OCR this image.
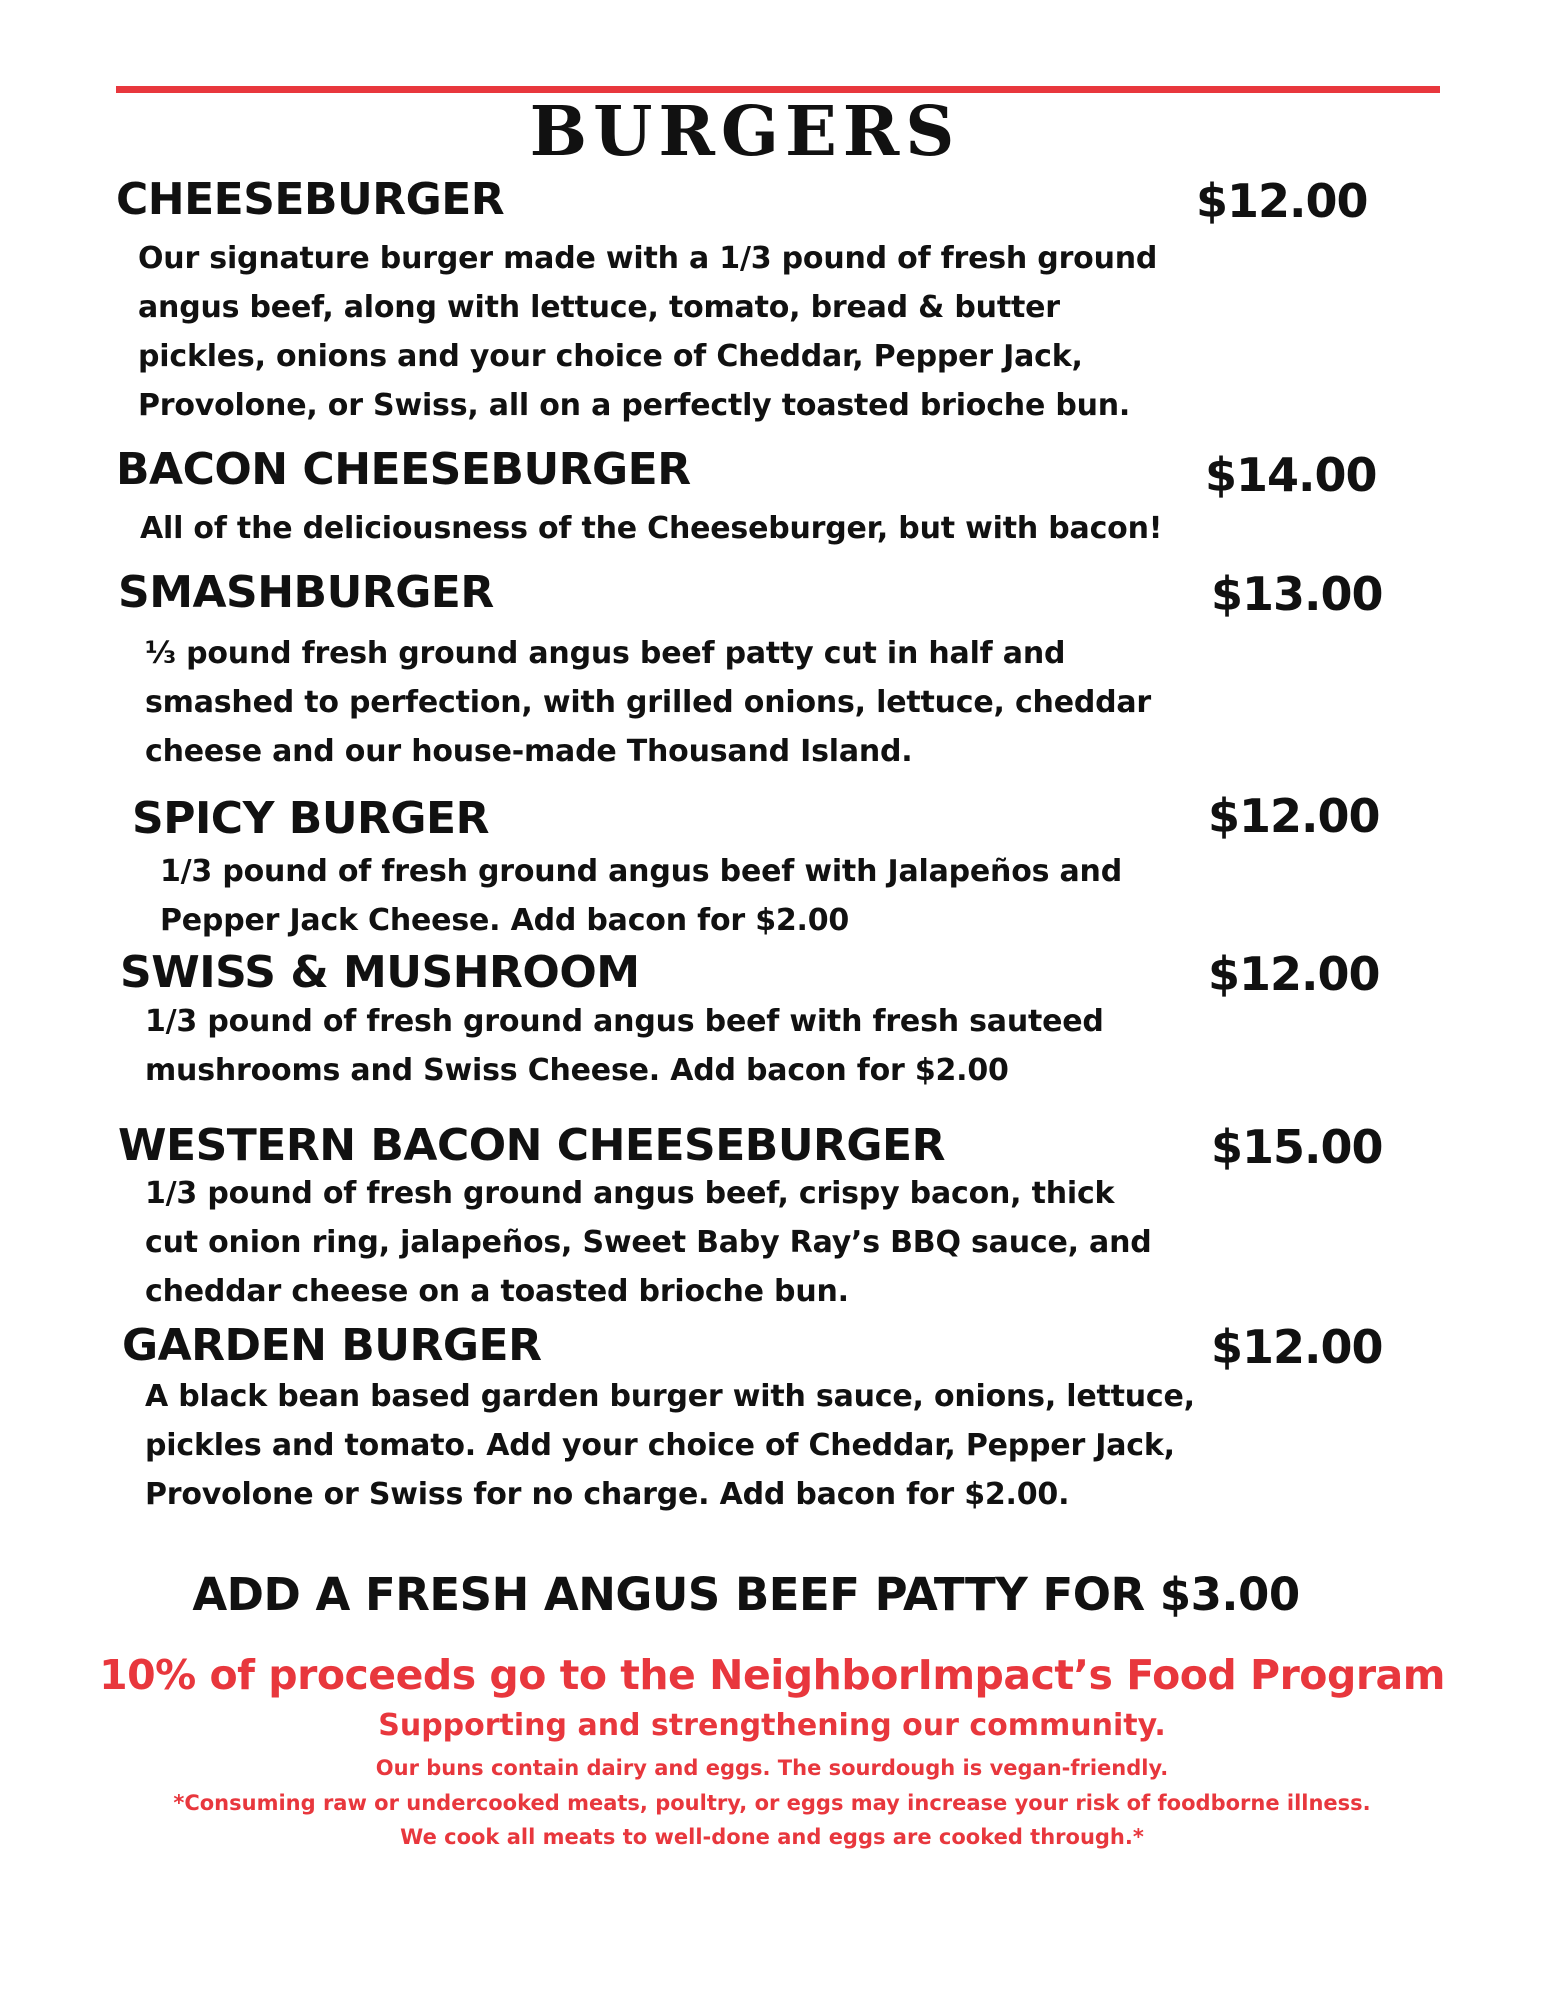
BURGERS
CHEESEBURGER	$12.00
Our signature burger made with a 1/3 pound of fresh ground angus beef, along with lettuce, tomato, bread & butter pickles, onions and your choice of Cheddar, Pepper Jack, Provolone, or Swiss, all on a perfectly toasted brioche bun.
BACON CHEESEBURGER	$14.00
All of the deliciousness of the Cheeseburger, but with bacon!
SMASHBURGER	$13.00
⅓ pound fresh ground angus beef patty cut in half and smashed to perfection, with grilled onions, lettuce, cheddar cheese and our house-made Thousand Island.
SPICY BURGER	$12.00
1/3 pound of fresh ground angus beef with Jalapeños and Pepper Jack Cheese. Add bacon for $2.00
SWISS & MUSHROOM	$12.00
1/3 pound of fresh ground angus beef with fresh sauteed mushrooms and Swiss Cheese. Add bacon for $2.00
WESTERN BACON CHEESEBURGER	$15.00
1/3 pound of fresh ground angus beef, crispy bacon, thick cut onion ring, jalapeños, Sweet Baby Ray’s BBQ sauce, and cheddar cheese on a toasted brioche bun.
GARDEN BURGER	$12.00
A black bean based garden burger with sauce, onions, lettuce, pickles and tomato. Add your choice of Cheddar, Pepper Jack, Provolone or Swiss for no charge. Add bacon for $2.00.
ADD A FRESH ANGUS BEEF PATTY FOR $3.00
10% of proceeds go to the NeighborImpact’s Food Program
Supporting and strengthening our community.
Our buns contain dairy and eggs. The sourdough is vegan-friendly.
*Consuming raw or undercooked meats, poultry, or eggs may increase your risk of foodborne illness.
We cook all meats to well-done and eggs are cooked through.*
